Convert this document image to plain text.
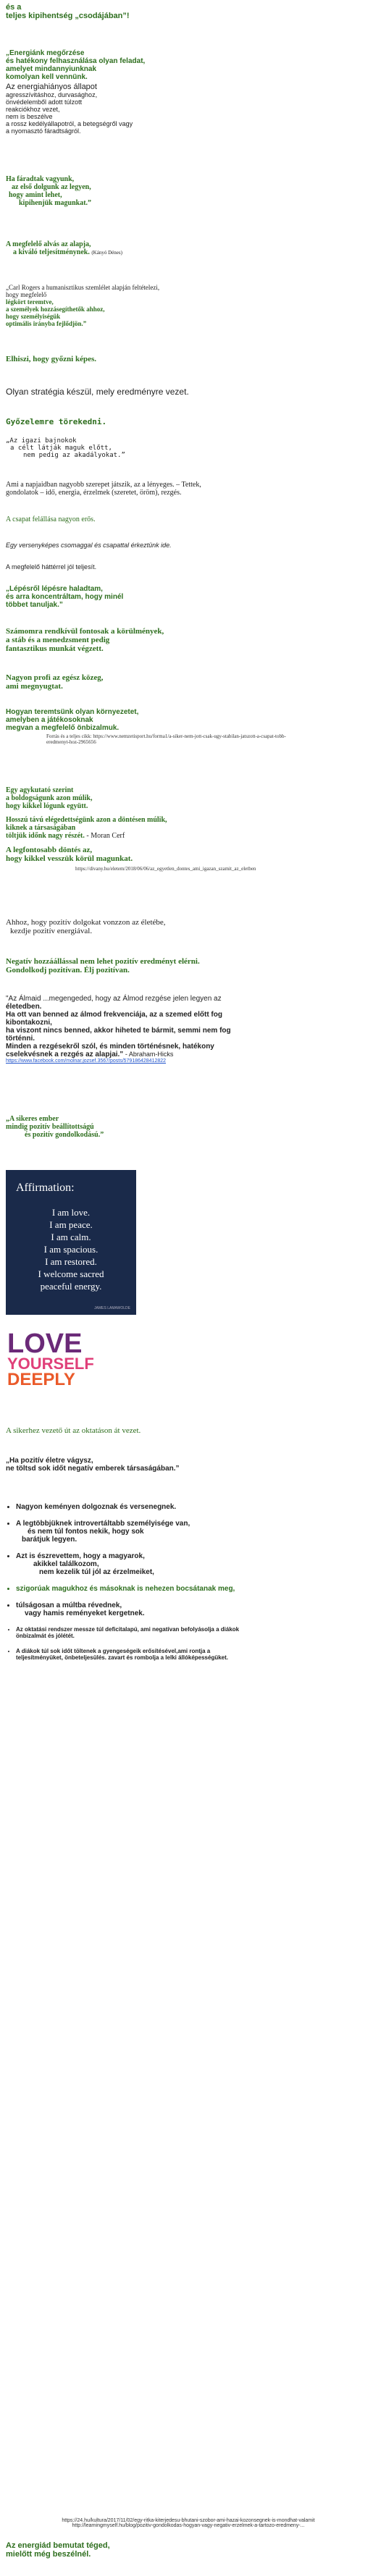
és a

teljes kipihentség „csodájában”!

„Energiánk megőrzése

és hatékony felhasználása olyan feladat,

amelyet mindannyiunknak

komolyan kell vennünk.

Az energiahiányos állapot

agresszívitáshoz, durvasághoz,

önvédelemből adott túlzott

reakciókhoz vezet,

nem is beszélve

a rossz kedélyállapotról, a betegségről vagy

a nyomasztó fáradtságról.

Ha fáradtak vagyunk,

az első dolgunk az legyen,

hogy amint lehet,

kipihenjük magunkat.”

A megfelelő alvás az alapja,

a kiváló teljesítménynek. (Kányó Dénes)

„Carl Rogers a humanisztikus szemlélet alapján feltételezi,

hogy megfelelő

légkört teremtve,

a személyek hozzásegíthetők ahhoz,

hogy személyiségük

optimális irányba fejlődjön.”

Elhiszi, hogy győzni képes.

Olyan stratégia készül, mely eredményre vezet.

Győzelemre törekedni.

„Az igazi bajnokok

a célt látják maguk előtt,

nem pedig az akadályokat.”

Ami a napjaidban nagyobb szerepet játszik, az a lényeges. – Tettek,

gondolatok – idő, energia, érzelmek (szeretet, öröm), rezgés.

A csapat felállása nagyon erős.

Egy versenyképes csomaggal és csapattal érkeztünk ide.

A megfelelő háttérrel jól teljesít.

„Lépésről lépésre haladtam,

és arra koncentráltam, hogy minél

többet tanuljak.”

Számomra rendkívül fontosak a körülmények,

a stáb és a menedzsment pedig

fantasztikus munkát végzett.

Nagyon profi az egész közeg,

ami megnyugtat.

Hogyan teremtsünk olyan környezetet,

amelyben a játékosoknak

megvan a megfelelő önbizalmuk.

Forrás és a teljes cikk: https://www.nemzetisport.hu/forma1/a-siker-nem-jott-csak-ugy-stabilan-jatszott-a-csapat-tobb-eredmenyt-hoz-2965656

Egy agykutató szerint

a boldogságunk azon múlik,

hogy kikkel lógunk együtt.

Hosszú távú elégedettségünk azon a döntésen múlik,

kiknek a társaságában

töltjük időnk nagy részét. - Moran Cerf

A legfontosabb döntés az,

hogy kikkel vesszük körül magunkat.

https://divany.hu/eletem/2018/06/06/az_egyetlen_dontes_ami_igazan_szamit_az_eletben

Ahhoz, hogy pozitív dolgokat vonzzon az életébe,

kezdje pozitív energiával.

Negatív hozzáállással nem lehet pozitív eredményt elérni.

Gondolkodj pozitívan. Élj pozitívan.

"Az Álmaid ...megengeded, hogy az Álmod rezgése jelen legyen az

életedben.

Ha ott van benned az álmod frekvenciája, az a szemed előtt fog

kibontakozni,

ha viszont nincs benned, akkor hiheted te bármit, semmi nem fog

történni.

Minden a rezgésekről szól, és minden történésnek, hatékony

cselekvésnek a rezgés az alapjai." - Abraham-Hicks

https://www.facebook.com/molnar.jozsef.3567/posts/579186428412822

„A sikeres ember

mindig pozitív beállítottságú

és pozitív gondolkodású.”

Affirmation:

I am love.

I am peace.

I am calm.

I am spacious.

I am restored.

I welcome sacred

peaceful energy.

JAMES LAMAWOLDE

LOVE

YOURSELF

DEEPLY

A sikerhez vezető út az oktatáson át vezet.

„Ha pozitív életre vágysz,

ne töltsd sok időt negatív emberek társaságában.”

• Nagyon keményen dolgoznak és versenegnek.
• A legtöbbjüknek introvertáltabb személyisége van,
és nem túl fontos nekik, hogy sok
barátjuk legyen.
• Azt is észrevettem, hogy a magyarok,
akikkel találkozom,
nem kezelik túl jól az érzelmeiket,
• szigorúak magukhoz és másoknak is nehezen bocsátanak meg,
• túlságosan a múltba révednek,
vagy hamis reményeket kergetnek.
• Az oktatási rendszer messze túl deficitalapú, ami negatívan befolyásolja a diákok
önbizalmát és jólétét.
• A diákok túl sok időt töltenek a gyengeségeik erősítésével,ami rontja a
teljesítményüket, önbeteljesülés. zavart és rombolja a lelki állóképességüket.

https://24.hu/kultura/2017/11/02/egy-ritka-kiterjedesu-bhutani-szobor-ami-hazai-kozonsegnek-is-mondhat-valamit

http://learningmyself.hu/blog/pozitiv-gondolkodas-hogyan-vagy-negativ-erzelmek-a-tartozo-eredmeny-...

Az energiád bemutat téged,

mielőtt még beszélnél.
